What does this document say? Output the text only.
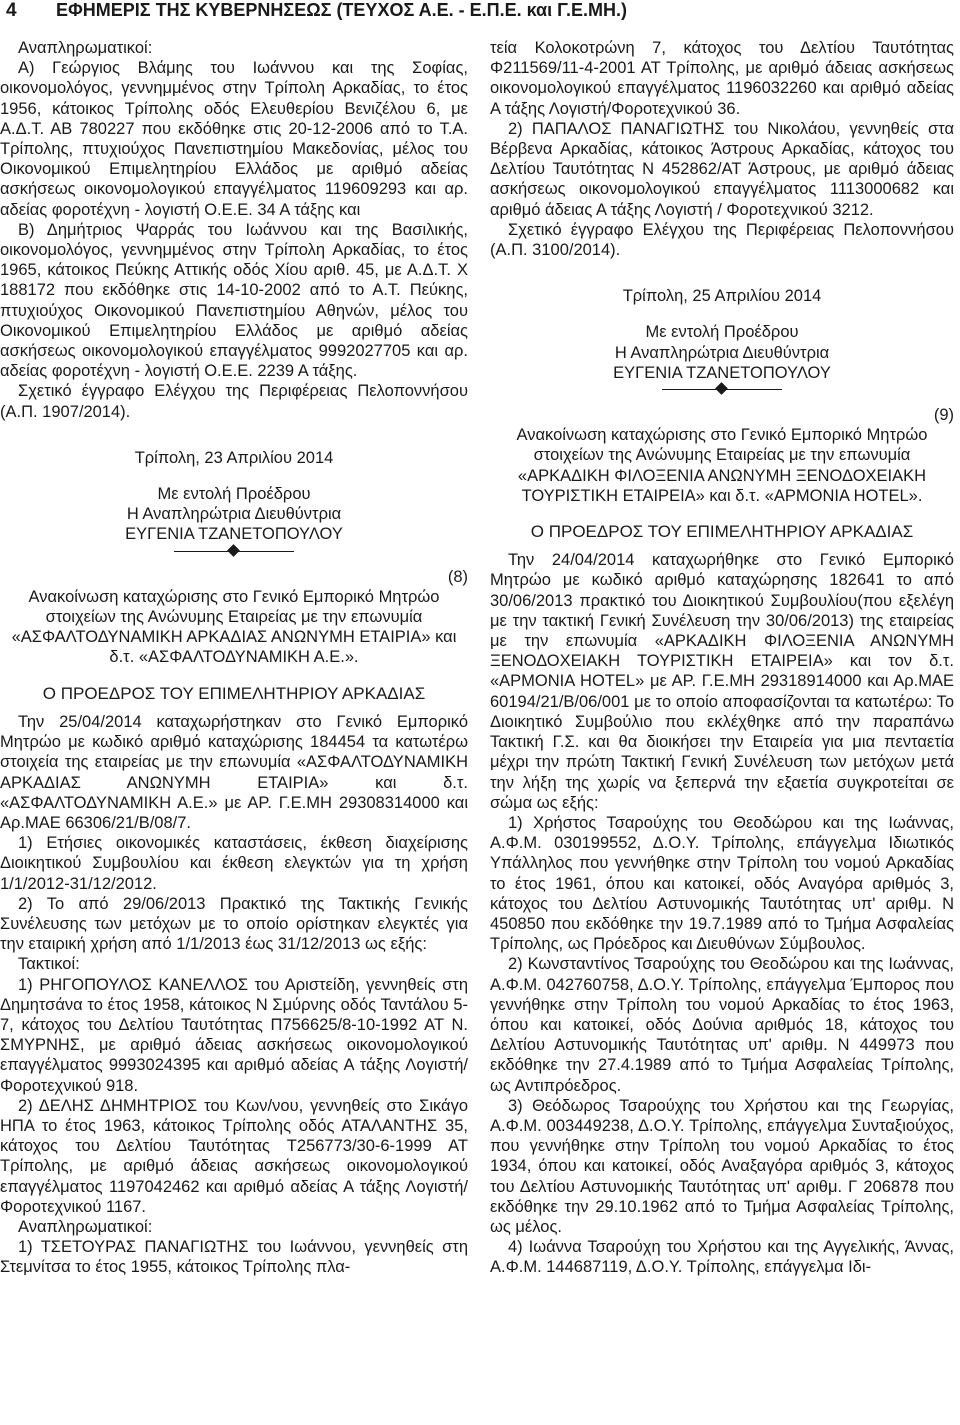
4 ΕΦΗΜΕΡΙΣ ΤΗΣ ΚΥΒΕΡΝΗΣΕΩΣ (ΤΕΥΧΟΣ Α.Ε. - Ε.Π.Ε. και Γ.Ε.ΜΗ.)

Αναπληρωματικοί:

Α) Γεώργιος Βλάμης του Ιωάννου και της Σοφίας, οικονομολόγος, γεννημμένος στην Τρίπολη Αρκαδίας, το έτος 1956, κάτοικος Τρίπολης οδός Ελευθερίου Βενιζέλου 6, με Α.Δ.Τ. ΑΒ 780227 που εκδόθηκε στις 20-12-2006 από το Τ.Α. Τρίπολης, πτυχιούχος Πανεπιστημίου Μακεδονίας, μέλος του Οικονομικού Επιμελητηρίου Ελλάδος με αριθμό αδείας ασκήσεως οικονομολογικού επαγγέλματος 119609293 και αρ. αδείας φοροτέχνη - λογιστή Ο.Ε.Ε. 34 Α τάξης και

Β) Δημήτριος Ψαρράς του Ιωάννου και της Βασιλικής, οικονομολόγος, γεννημμένος στην Τρίπολη Αρκαδίας, το έτος 1965, κάτοικος Πεύκης Αττικής οδός Χίου αριθ. 45, με Α.Δ.Τ. Χ 188172 που εκδόθηκε στις 14-10-2002 από το Α.Τ. Πεύκης, πτυχιούχος Οικονομικού Πανεπιστημίου Αθηνών, μέλος του Οικονομικού Επιμελητηρίου Ελλάδος με αριθμό αδείας ασκήσεως οικονομολογικού επαγγέλματος 9992027705 και αρ. αδείας φοροτέχνη - λογιστή Ο.Ε.Ε. 2239 Α τάξης.

Σχετικό έγγραφο Ελέγχου της Περιφέρειας Πελοποννήσου (Α.Π. 1907/2014).

Τρίπολη, 23 Απριλίου 2014

Με εντολή Προέδρου

Η Αναπληρώτρια Διευθύντρια

ΕΥΓΕΝΙΑ ΤΖΑΝΕΤΟΠΟΥΛΟΥ

(8)

Ανακοίνωση καταχώρισης στο Γενικό Εμπορικό Μητρώο στοιχείων της Ανώνυμης Εταιρείας με την επωνυμία «ΑΣΦΑΛΤΟΔΥΝΑΜΙΚΗ ΑΡΚΑΔΙΑΣ ΑΝΩΝΥΜΗ ΕΤΑΙΡΙΑ» και δ.τ. «ΑΣΦΑΛΤΟΔΥΝΑΜΙΚΗ Α.Ε.».

Ο ΠΡΟΕΔΡΟΣ ΤΟΥ ΕΠΙΜΕΛΗΤΗΡΙΟΥ ΑΡΚΑΔΙΑΣ

Την 25/04/2014 καταχωρήστηκαν στο Γενικό Εμπορικό Μητρώο με κωδικό αριθμό καταχώρισης 184454 τα κατωτέρω στοιχεία της εταιρείας με την επωνυμία «ΑΣΦΑΛΤΟΔΥΝΑΜΙΚΗ ΑΡΚΑΔΙΑΣ ΑΝΩΝΥΜΗ ΕΤΑΙΡΙΑ» και δ.τ. «ΑΣΦΑΛΤΟΔΥΝΑΜΙΚΗ Α.Ε.» με ΑΡ. Γ.Ε.ΜΗ 29308314000 και Αρ.ΜΑΕ 66306/21/Β/08/7.

1) Ετήσιες οικονομικές καταστάσεις, έκθεση διαχείρισης Διοικητικού Συμβουλίου και έκθεση ελεγκτών για τη χρήση 1/1/2012-31/12/2012.

2) Το από 29/06/2013 Πρακτικό της Τακτικής Γενικής Συνέλευσης των μετόχων με το οποίο ορίστηκαν ελεγκτές για την εταιρική χρήση από 1/1/2013 έως 31/12/2013 ως εξής:

Τακτικοί:

1) ΡΗΓΟΠΟΥΛΟΣ ΚΑΝΕΛΛΟΣ του Αριστείδη, γεννηθείς στη Δημητσάνα το έτος 1958, κάτοικος Ν Σμύρνης οδός Ταντάλου 5-7, κάτοχος του Δελτίου Ταυτότητας Π756625/8-10-1992 ΑΤ Ν. ΣΜΥΡΝΗΣ, με αριθμό άδειας ασκήσεως οικονομολογικού επαγγέλματος 9993024395 και αριθμό αδείας Α τάξης Λογιστή/Φοροτεχνικού 918.

2) ΔΕΛΗΣ ΔΗΜΗΤΡΙΟΣ του Κων/νου, γεννηθείς στο Σικάγο ΗΠΑ το έτος 1963, κάτοικος Τρίπολης οδός ΑΤΑΛΑΝΤΗΣ 35, κάτοχος του Δελτίου Ταυτότητας Τ256773/30-6-1999 ΑΤ Τρίπολης, με αριθμό άδειας ασκήσεως οικονομολογικού επαγγέλματος 1197042462 και αριθμό αδείας Α τάξης Λογιστή/Φοροτεχνικού 1167.

Αναπληρωματικοί:

1) ΤΣΕΤΟΥΡΑΣ ΠΑΝΑΓΙΩΤΗΣ του Ιωάννου, γεννηθείς στη Στεμνίτσα το έτος 1955, κάτοικος Τρίπολης πλα-

τεία Κολοκοτρώνη 7, κάτοχος του Δελτίου Ταυτότητας Φ211569/11-4-2001 ΑΤ Τρίπολης, με αριθμό άδειας ασκήσεως οικονομολογικού επαγγέλματος 1196032260 και αριθμό αδείας Α τάξης Λογιστή/Φοροτεχνικού 36.

2) ΠΑΠΑΛΟΣ ΠΑΝΑΓΙΩΤΗΣ του Νικολάου, γεννηθείς στα Βέρβενα Αρκαδίας, κάτοικος Άστρους Αρκαδίας, κάτοχος του Δελτίου Ταυτότητας Ν 452862/ΑΤ Άστρους, με αριθμό άδειας ασκήσεως οικονομολογικού επαγγέλματος 1113000682 και αριθμό άδειας Α τάξης Λογιστή / Φοροτεχνικού 3212.

Σχετικό έγγραφο Ελέγχου της Περιφέρειας Πελοποννήσου (Α.Π. 3100/2014).

Τρίπολη, 25 Απριλίου 2014

Με εντολή Προέδρου

Η Αναπληρώτρια Διευθύντρια

ΕΥΓΕΝΙΑ ΤΖΑΝΕΤΟΠΟΥΛΟΥ

(9)

Ανακοίνωση καταχώρισης στο Γενικό Εμπορικό Μητρώο στοιχείων της Ανώνυμης Εταιρείας με την επωνυμία «ΑΡΚΑΔΙΚΗ ΦΙΛΟΞΕΝΙΑ ΑΝΩΝΥΜΗ ΞΕΝΟΔΟΧΕΙΑΚΗ ΤΟΥΡΙΣΤΙΚΗ ΕΤΑΙΡΕΙΑ» και δ.τ. «ΑΡΜΟΝΙΑ ΗΟΤΕL».

Ο ΠΡΟΕΔΡΟΣ ΤΟΥ ΕΠΙΜΕΛΗΤΗΡΙΟΥ ΑΡΚΑΔΙΑΣ

Την 24/04/2014 καταχωρήθηκε στο Γενικό Εμπορικό Μητρώο με κωδικό αριθμό καταχώρησης 182641 το από 30/06/2013 πρακτικό του Διοικητικού Συμβουλίου(που εξελέγη με την τακτική Γενική Συνέλευση την 30/06/2013) της εταιρείας με την επωνυμία «ΑΡΚΑΔΙΚΗ ΦΙΛΟΞΕΝΙΑ ΑΝΩΝΥΜΗ ΞΕΝΟΔΟΧΕΙΑΚΗ ΤΟΥΡΙΣΤΙΚΗ ΕΤΑΙΡΕΙΑ» και τον δ.τ. «ΑΡΜΟΝΙΑ ΗΟΤΕL» με ΑΡ. Γ.Ε.ΜΗ 29318914000 και Αρ.ΜΑΕ 60194/21/Β/06/001 με το οποίο αποφασίζονται τα κατωτέρω: Το Διοικητικό Συμβούλιο που εκλέχθηκε από την παραπάνω Τακτική Γ.Σ. και θα διοικήσει την Εταιρεία για μια πενταετία μέχρι την πρώτη Τακτική Γενική Συνέλευση των μετόχων μετά την λήξη της χωρίς να ξεπερνά την εξαετία συγκροτείται σε σώμα ως εξής:

1) Χρήστος Τσαρούχης του Θεοδώρου και της Ιωάννας, Α.Φ.Μ. 030199552, Δ.Ο.Υ. Τρίπολης, επάγγελμα Ιδιωτικός Υπάλληλος που γεννήθηκε στην Τρίπολη του νομού Αρκαδίας το έτος 1961, όπου και κατοικεί, οδός Αναγόρα αριθμός 3, κάτοχος του Δελτίου Αστυνομικής Ταυτότητας υπ' αριθμ. Ν 450850 που εκδόθηκε την 19.7.1989 από το Τμήμα Ασφαλείας Τρίπολης, ως Πρόεδρος και Διευθύνων Σύμβουλος.

2) Κωνσταντίνος Τσαρούχης του Θεοδώρου και της Ιωάννας, Α.Φ.Μ. 042760758, Δ.Ο.Υ. Τρίπολης, επάγγελμα Έμπορος που γεννήθηκε στην Τρίπολη του νομού Αρκαδίας το έτος 1963, όπου και κατοικεί, οδός Δούνια αριθμός 18, κάτοχος του Δελτίου Αστυνομικής Ταυτότητας υπ' αριθμ. Ν 449973 που εκδόθηκε την 27.4.1989 από το Τμήμα Ασφαλείας Τρίπολης, ως Αντιπρόεδρος.

3) Θεόδωρος Τσαρούχης του Χρήστου και της Γεωργίας, Α.Φ.Μ. 003449238, Δ.Ο.Υ. Τρίπολης, επάγγελμα Συνταξιούχος, που γεννήθηκε στην Τρίπολη του νομού Αρκαδίας το έτος 1934, όπου και κατοικεί, οδός Αναξαγόρα αριθμός 3, κάτοχος του Δελτίου Αστυνομικής Ταυτότητας υπ' αριθμ. Γ 206878 που εκδόθηκε την 29.10.1962 από το Τμήμα Ασφαλείας Τρίπολης, ως μέλος.

4) Ιωάννα Τσαρούχη του Χρήστου και της Αγγελικής, Άννας, Α.Φ.Μ. 144687119, Δ.Ο.Υ. Τρίπολης, επάγγελμα Ιδι-
